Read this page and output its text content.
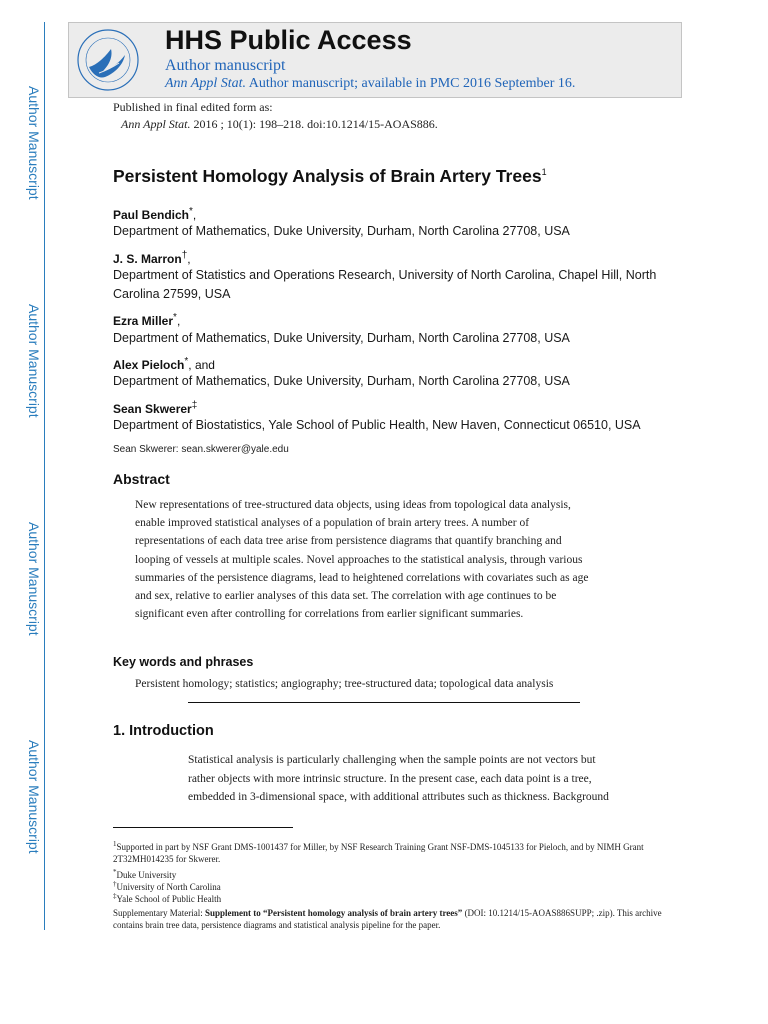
Author Manuscript
Author Manuscript
Author Manuscript
Author Manuscript
HHS Public Access
Author manuscript
Ann Appl Stat. Author manuscript; available in PMC 2016 September 16.
Published in final edited form as:
Ann Appl Stat. 2016 ; 10(1): 198–218. doi:10.1214/15-AOAS886.
Persistent Homology Analysis of Brain Artery Trees$^1$
Paul Bendich*,
Department of Mathematics, Duke University, Durham, North Carolina 27708, USA
J. S. Marron†,
Department of Statistics and Operations Research, University of North Carolina, Chapel Hill, North Carolina 27599, USA
Ezra Miller*,
Department of Mathematics, Duke University, Durham, North Carolina 27708, USA
Alex Pieloch*, and
Department of Mathematics, Duke University, Durham, North Carolina 27708, USA
Sean Skwerer‡
Department of Biostatistics, Yale School of Public Health, New Haven, Connecticut 06510, USA
Sean Skwerer: sean.skwerer@yale.edu
Abstract
New representations of tree-structured data objects, using ideas from topological data analysis,
enable improved statistical analyses of a population of brain artery trees. A number of
representations of each data tree arise from persistence diagrams that quantify branching and
looping of vessels at multiple scales. Novel approaches to the statistical analysis, through various
summaries of the persistence diagrams, lead to heightened correlations with covariates such as age
and sex, relative to earlier analyses of this data set. The correlation with age continues to be
significant even after controlling for correlations from earlier significant summaries.
Key words and phrases
Persistent homology; statistics; angiography; tree-structured data; topological data analysis
1. Introduction
Statistical analysis is particularly challenging when the sample points are not vectors but
rather objects with more intrinsic structure. In the present case, each data point is a tree,
embedded in 3-dimensional space, with additional attributes such as thickness. Background
$^1$Supported in part by NSF Grant DMS-1001437 for Miller, by NSF Research Training Grant NSF-DMS-1045133 for Pieloch, and by NIMH Grant 2T32MH014235 for Skwerer.
*Duke University
†University of North Carolina
‡Yale School of Public Health
Supplementary Material: Supplement to “Persistent homology analysis of brain artery trees” (DOI: 10.1214/15-AOAS886SUPP; .zip). This archive contains brain tree data, persistence diagrams and statistical analysis pipeline for the paper.
